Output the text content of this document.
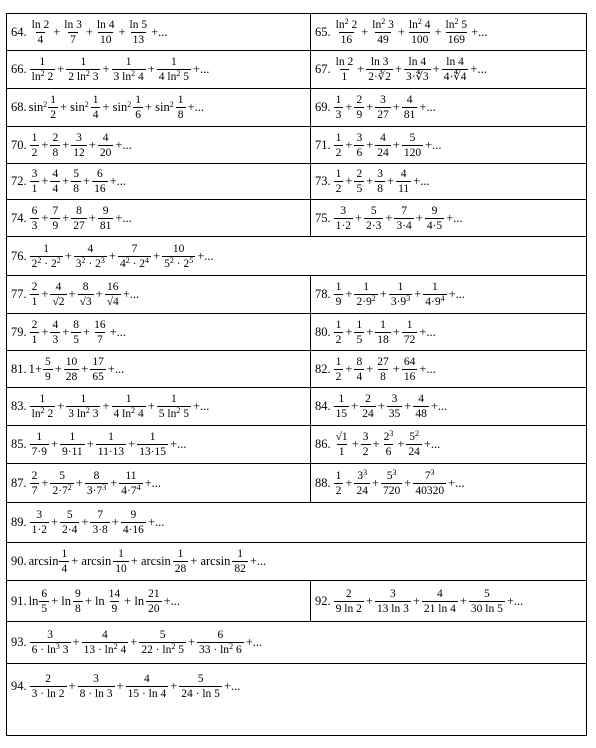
64. $\frac{\ln 2}{4} + \frac{\ln 3}{7} + \frac{\ln 4}{10} + \frac{\ln 5}{13}$ +...	65. $\frac{\ln^2 2}{16} + \frac{\ln^2 3}{49} + \frac{\ln^2 4}{100} + \frac{\ln^2 5}{169}$ +...
66. $\frac{1}{\ln^2 2} + \frac{1}{2 \ln^2 3} + \frac{1}{3 \ln^2 4} + \frac{1}{4 \ln^2 5}$ +...	67. $\frac{\ln 2}{1} + \frac{\ln 3}{2\cdot∛2} + \frac{\ln 4}{3\cdot∜3} + \frac{\ln 4}{4\cdot∜4}$ +...
68. $\sin^2 \frac{1}{2} + \sin^2 \frac{1}{4} + \sin^2 \frac{1}{6} + \sin^2 \frac{1}{8}$ +...	69. $\frac{1}{3} + \frac{2}{9} + \frac{3}{27} + \frac{4}{81}$ +...
70. $\frac{1}{2} + \frac{2}{8} + \frac{3}{12} + \frac{4}{20}$ +...	71. $\frac{1}{2} + \frac{3}{6} + \frac{4}{24} + \frac{5}{120}$ +...
72. $\frac{3}{1} + \frac{4}{4} + \frac{5}{8} + \frac{6}{16}$ +...	73. $\frac{1}{2} + \frac{2}{5} + \frac{3}{8} + \frac{4}{11}$ +...
74. $\frac{6}{3} + \frac{7}{9} + \frac{8}{27} + \frac{9}{81}$ +...	75. $\frac{3}{1\cdot 2} + \frac{5}{2\cdot 3} + \frac{7}{3\cdot 4} + \frac{9}{4\cdot 5}$ +...
76. $\frac{1}{2^2 \cdot 2^2} + \frac{4}{3^2 \cdot 2^3} + \frac{7}{4^2 \cdot 2^4} + \frac{10}{5^2 \cdot 2^5}$ +...
77. $\frac{2}{1} + \frac{4}{√2} + \frac{8}{√3} + \frac{16}{√4}$ +...	78. $\frac{1}{9} + \frac{1}{2\cdot 9^2} + \frac{1}{3\cdot 9^3} + \frac{1}{4\cdot 9^4}$ +...
79. $\frac{2}{1} + \frac{4}{3} + \frac{8}{5} + \frac{16}{7}$ +...	80. $\frac{1}{2} + \frac{1}{5} + \frac{1}{18} + \frac{1}{72}$ +...
81. $1+ \frac{5}{9} + \frac{10}{28} + \frac{17}{65}$ +...	82. $\frac{1}{2} + \frac{8}{4} + \frac{27}{8} + \frac{64}{16}$ +...
83. $\frac{1}{\ln^2 2} + \frac{1}{3 \ln^2 3} + \frac{1}{4 \ln^2 4} + \frac{1}{5 \ln^2 5}$ +...	84. $\frac{1}{15} + \frac{2}{24} + \frac{3}{35} + \frac{4}{48}$ +...
85. $\frac{1}{7\cdot 9} + \frac{1}{9\cdot 11} + \frac{1}{11\cdot 13} + \frac{1}{13\cdot 15}$ +...	86. $\frac{√1}{1} + \frac{3}{2} + \frac{2^3}{6} + \frac{5^2}{24}$ +...
87. $\frac{2}{7} + \frac{5}{2\cdot 7^2} + \frac{8}{3\cdot 7^3} + \frac{11}{4\cdot 7^4}$ +...	88. $\frac{1}{2} + \frac{3^3}{24} + \frac{5^3}{720} + \frac{7^3}{40320}$ +...
89. $\frac{3}{1\cdot 2} + \frac{5}{2\cdot 4} + \frac{7}{3\cdot 8} + \frac{9}{4\cdot 16}$ +...
90. $\arcsin \frac{1}{4} + \arcsin \frac{1}{10} + \arcsin \frac{1}{28} + \arcsin \frac{1}{82}$ +...
91. $\ln \frac{6}{5} + \ln \frac{9}{8} + \ln \frac{14}{9} + \ln \frac{21}{20}$ +...	92. $\frac{2}{9 \ln 2} + \frac{3}{13 \ln 3} + \frac{4}{21 \ln 4} + \frac{5}{30 \ln 5}$ +...
93. $\frac{3}{6 \cdot \ln^3 3} + \frac{4}{13 \cdot \ln^2 4} + \frac{5}{22 \cdot \ln^2 5} + \frac{6}{33 \cdot \ln^2 6}$ +...
94. $\frac{2}{3 \cdot \ln 2} + \frac{3}{8 \cdot \ln 3} + \frac{4}{15 \cdot \ln 4} + \frac{5}{24 \cdot \ln 5}$ +...
